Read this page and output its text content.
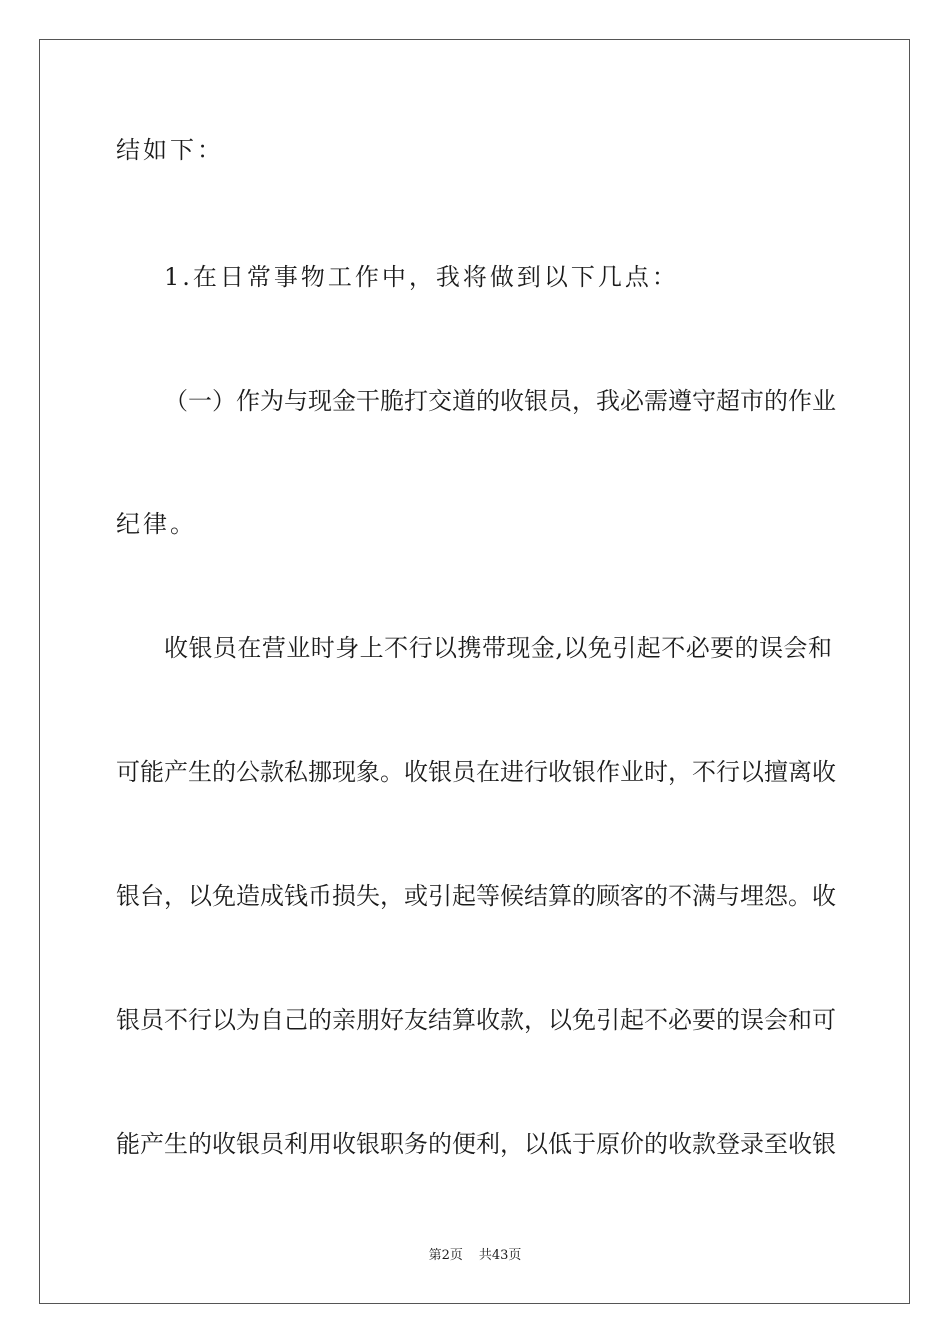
结如下：
1.在日常事物工作中，我将做到以下几点：
（一）作为与现金干脆打交道的收银员，我必需遵守超市的作业
纪律。
收银员在营业时身上不行以携带现金,以免引起不必要的误会和
可能产生的公款私挪现象。收银员在进行收银作业时，不行以擅离收
银台，以免造成钱币损失，或引起等候结算的顾客的不满与埋怨。收
银员不行以为自己的亲朋好友结算收款，以免引起不必要的误会和可
能产生的收银员利用收银职务的便利，以低于原价的收款登录至收银
第2页 共43页
